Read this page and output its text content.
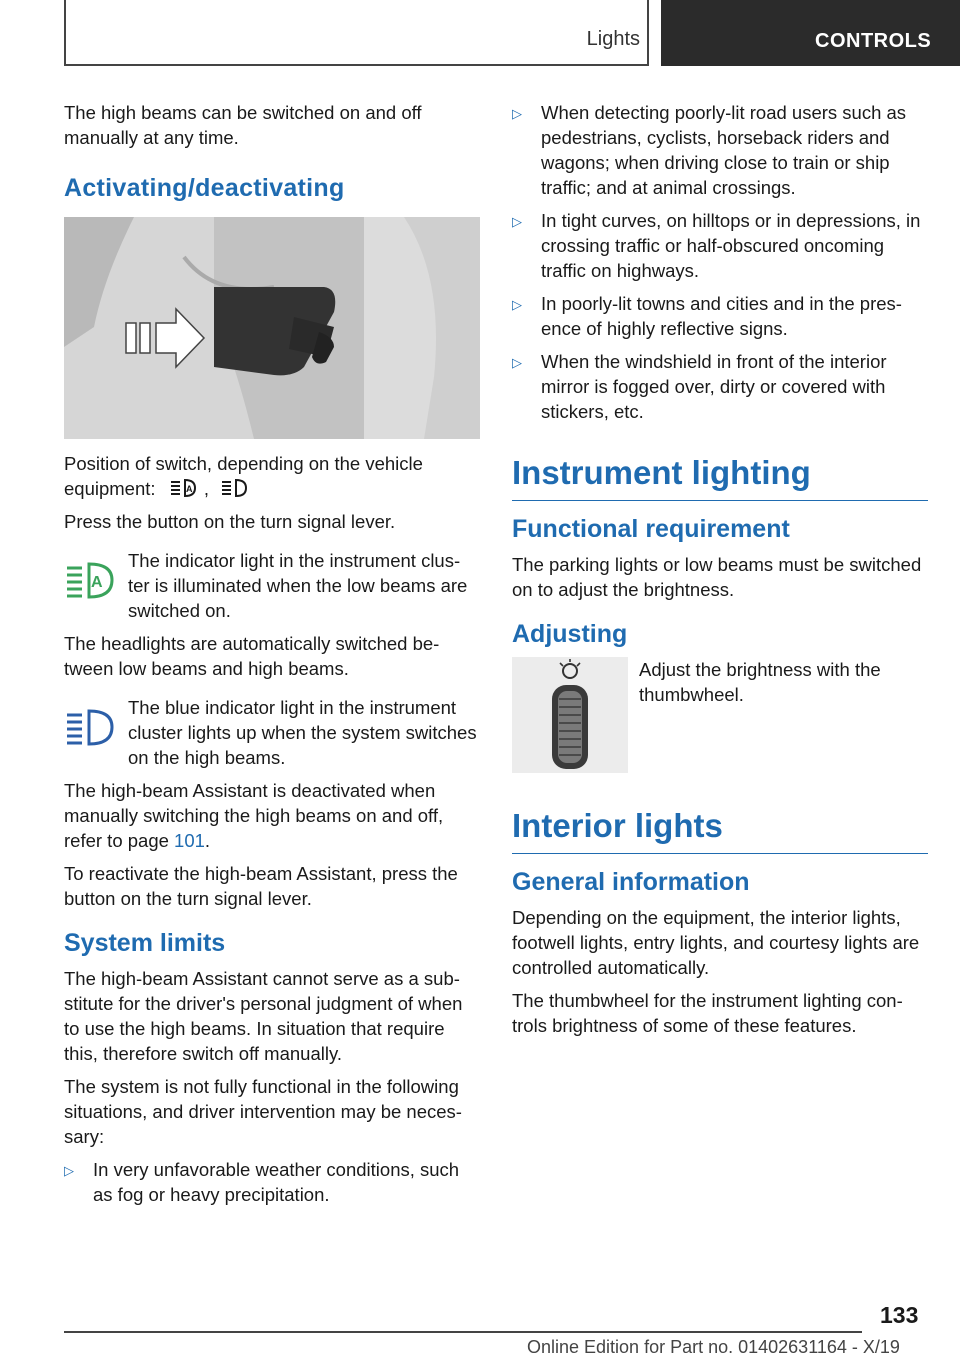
Lights	CONTROLS

The high beams can be switched on and off manually at any time.

Activating/deactivating

Position of switch, depending on the vehicle equipment:	A ,

Press the button on the turn signal lever.

A

The indicator light in the instrument clus-ter is illuminated when the low beams are switched on.

The headlights are automatically switched be-tween low beams and high beams.

The blue indicator light in the instrument cluster lights up when the system switches on the high beams.

The high-beam Assistant is deactivated when manually switching the high beams on and off, refer to page 101.

To reactivate the high-beam Assistant, press the button on the turn signal lever.

System limits

The high-beam Assistant cannot serve as a sub-stitute for the driver's personal judgment of when to use the high beams. In situation that require this, therefore switch off manually.

The system is not fully functional in the following situations, and driver intervention may be neces-sary:

▷	In very unfavorable weather conditions, such as fog or heavy precipitation.
▷	When detecting poorly-lit road users such as pedestrians, cyclists, horseback riders and wagons; when driving close to train or ship traffic; and at animal crossings.
▷	In tight curves, on hilltops or in depressions, in crossing traffic or half-obscured oncoming traffic on highways.
▷	In poorly-lit towns and cities and in the pres-ence of highly reflective signs.
▷	When the windshield in front of the interior mirror is fogged over, dirty or covered with stickers, etc.
Instrument lighting
Functional requirement

The parking lights or low beams must be switched on to adjust the brightness.

Adjusting

Adjust the brightness with the thumbwheel.

Interior lights
General information

Depending on the equipment, the interior lights, footwell lights, entry lights, and courtesy lights are controlled automatically.

The thumbwheel for the instrument lighting con-trols brightness of some of these features.

133
Online Edition for Part no. 01402631164 - X/19
